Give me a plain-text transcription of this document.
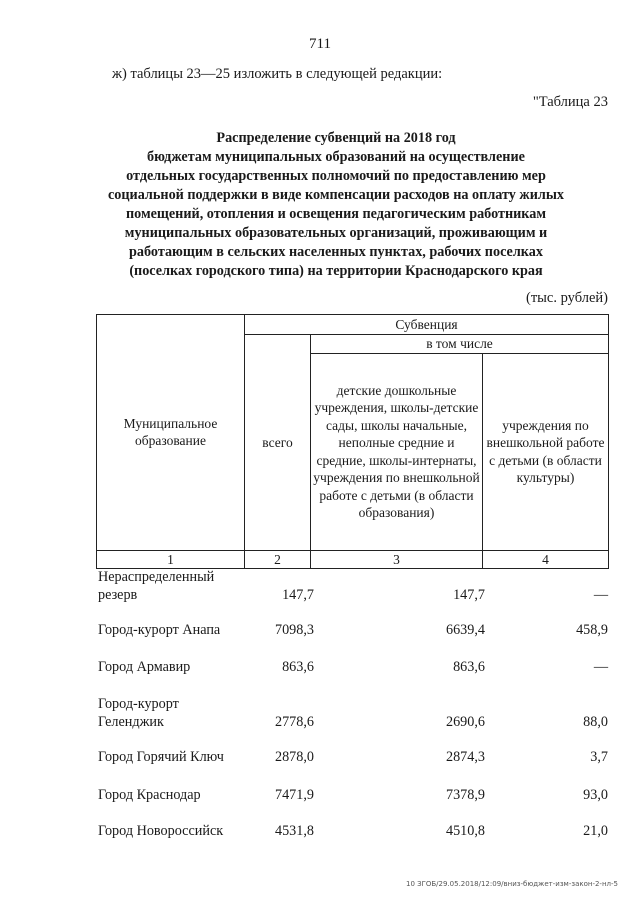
711
ж) таблицы 23—25 изложить в следующей редакции:
"Таблица 23
Распределение субвенций на 2018 год
бюджетам муниципальных образований на осуществление
отдельных государственных полномочий по предоставлению мер
социальной поддержки в виде компенсации расходов на оплату жилых
помещений, отопления и освещения педагогическим работникам
муниципальных образовательных организаций, проживающим и
работающим в сельских населенных пунктах, рабочих поселках
(поселках городского типа) на территории Краснодарского края
(тыс. рублей)
Муниципальное образование	Субвенция		
	всего	в том числе	
		детские дошкольные учреждения, школы-детские сады, школы начальные, неполные средние и средние, школы-интернаты, учреждения по внешкольной работе с детьми (в области образования)	учреждения по внешкольной работе с детьми (в области культуры)
1	2	3	4
Нераспределенный резерв	147,7	147,7	—
Город-курорт Анапа	7098,3	6639,4	458,9
Город Армавир	863,6	863,6	—
Город-курорт Геленджик	2778,6	2690,6	88,0
Город Горячий Ключ	2878,0	2874,3	3,7
Город Краснодар	7471,9	7378,9	93,0
Город Новороссийск	4531,8	4510,8	21,0
10 ЗГОБ/29.05.2018/12:09/вниз-бюджет-изм-закон-2-нл-5
